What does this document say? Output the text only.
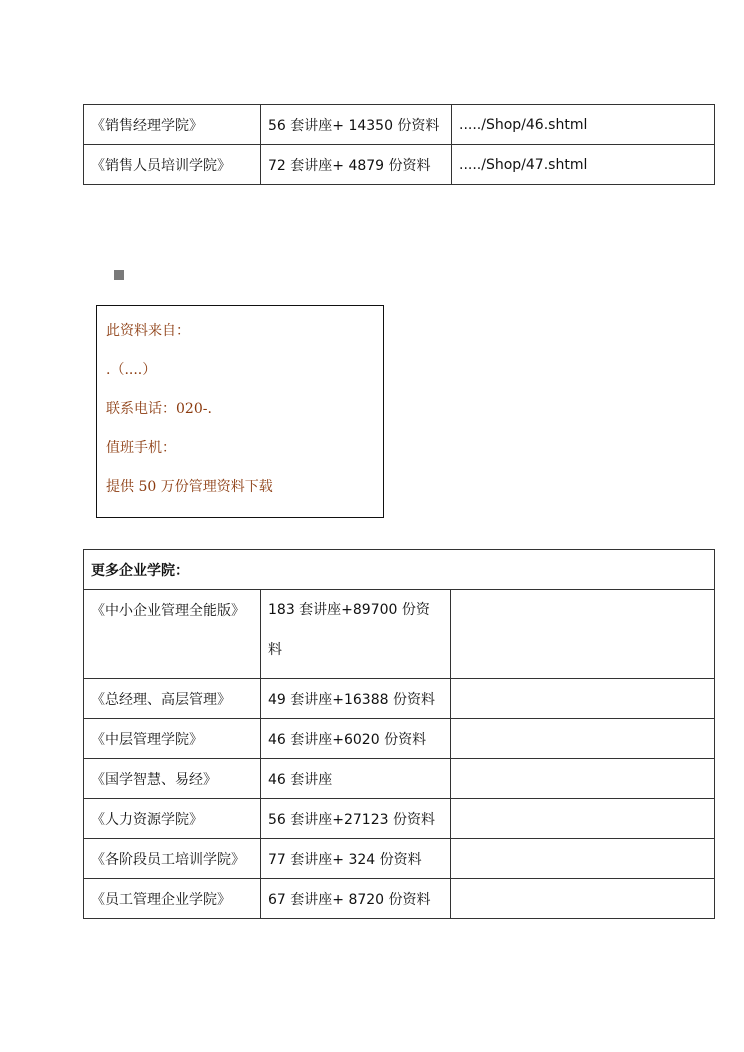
《销售经理学院》	56 套讲座+ 14350 份资料	...../Shop/46.shtml
《销售人员培训学院》	72 套讲座+ 4879 份资料	...../Shop/47.shtml
此资料来自：
.（....）
联系电话：020-.
值班手机：
提供 50 万份管理资料下载
更多企业学院：		
《中小企业管理全能版》	183 套讲座+89700 份资料	
《总经理、高层管理》	49 套讲座+16388 份资料	
《中层管理学院》	46 套讲座+6020 份资料	
《国学智慧、易经》	46 套讲座	
《人力资源学院》	56 套讲座+27123 份资料	
《各阶段员工培训学院》	77 套讲座+ 324 份资料	
《员工管理企业学院》	67 套讲座+ 8720 份资料	
